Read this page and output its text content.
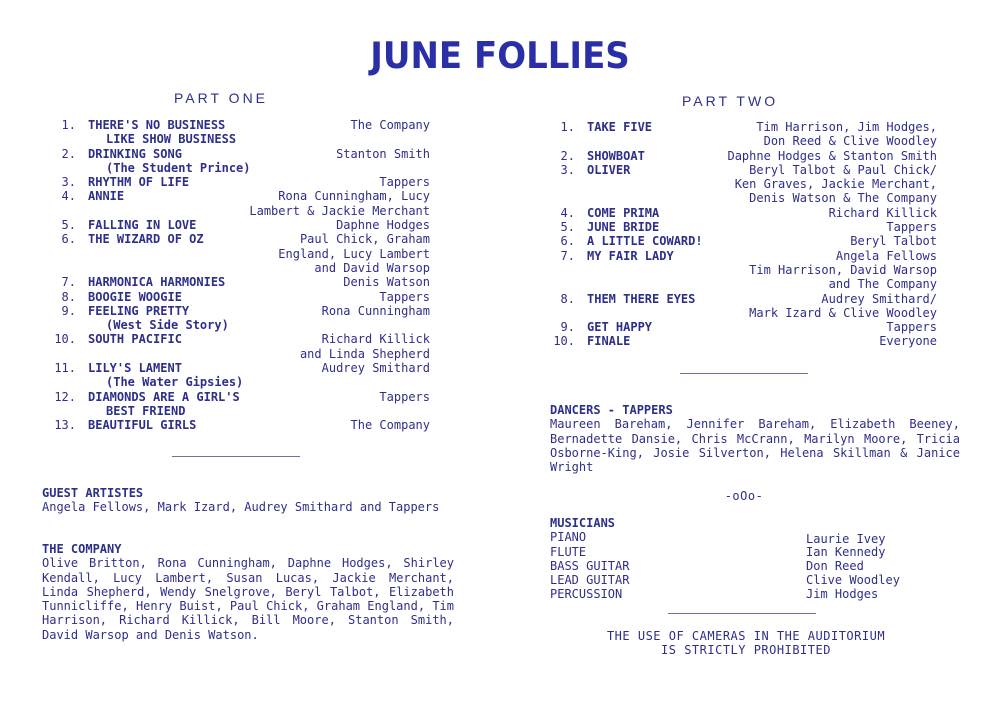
JUNE FOLLIES
PART ONE
1. THERE'S NO BUSINESS	The Company
LIKE SHOW BUSINESS
2. DRINKING SONG	Stanton Smith
(The Student Prince)
3. RHYTHM OF LIFE	Tappers
4. ANNIE	Rona Cunningham, Lucy
Lambert & Jackie Merchant
5. FALLING IN LOVE	Daphne Hodges
6. THE WIZARD OF OZ	Paul Chick, Graham
England, Lucy Lambert
and David Warsop
7. HARMONICA HARMONIES	Denis Watson
8. BOOGIE WOOGIE	Tappers
9. FEELING PRETTY	Rona Cunningham
(West Side Story)
10. SOUTH PACIFIC	Richard Killick
and Linda Shepherd
11. LILY'S LAMENT	Audrey Smithard
(The Water Gipsies)
12. DIAMONDS ARE A GIRL'S	Tappers
BEST FRIEND
13. BEAUTIFUL GIRLS	The Company
GUEST ARTISTES
Angela Fellows, Mark Izard, Audrey Smithard and Tappers
THE COMPANY
Olive Britton, Rona Cunningham, Daphne Hodges, Shirley Kendall, Lucy Lambert, Susan Lucas, Jackie Merchant, Linda Shepherd, Wendy Snelgrove, Beryl Talbot, Elizabeth Tunnicliffe, Henry Buist, Paul Chick, Graham England, Tim Harrison, Richard Killick, Bill Moore, Stanton Smith, David Warsop and Denis Watson.
PART TWO
1. TAKE FIVE	Tim Harrison, Jim Hodges,
Don Reed & Clive Woodley
2. SHOWBOAT	Daphne Hodges & Stanton Smith
3. OLIVER	Beryl Talbot & Paul Chick/
Ken Graves, Jackie Merchant,
Denis Watson & The Company
4. COME PRIMA	Richard Killick
5. JUNE BRIDE	Tappers
6. A LITTLE COWARD!	Beryl Talbot
7. MY FAIR LADY	Angela Fellows
Tim Harrison, David Warsop
and The Company
8. THEM THERE EYES	Audrey Smithard/
Mark Izard & Clive Woodley
9. GET HAPPY	Tappers
10. FINALE	Everyone
DANCERS - TAPPERS
Maureen Bareham, Jennifer Bareham, Elizabeth Beeney, Bernadette Dansie, Chris McCrann, Marilyn Moore, Tricia Osborne-King, Josie Silverton, Helena Skillman & Janice Wright
-oOo-
MUSICIANS
PIANO	Laurie Ivey
FLUTE	Ian Kennedy
BASS GUITAR	Don Reed
LEAD GUITAR	Clive Woodley
PERCUSSION	Jim Hodges
THE USE OF CAMERAS IN THE AUDITORIUM
IS STRICTLY PROHIBITED
